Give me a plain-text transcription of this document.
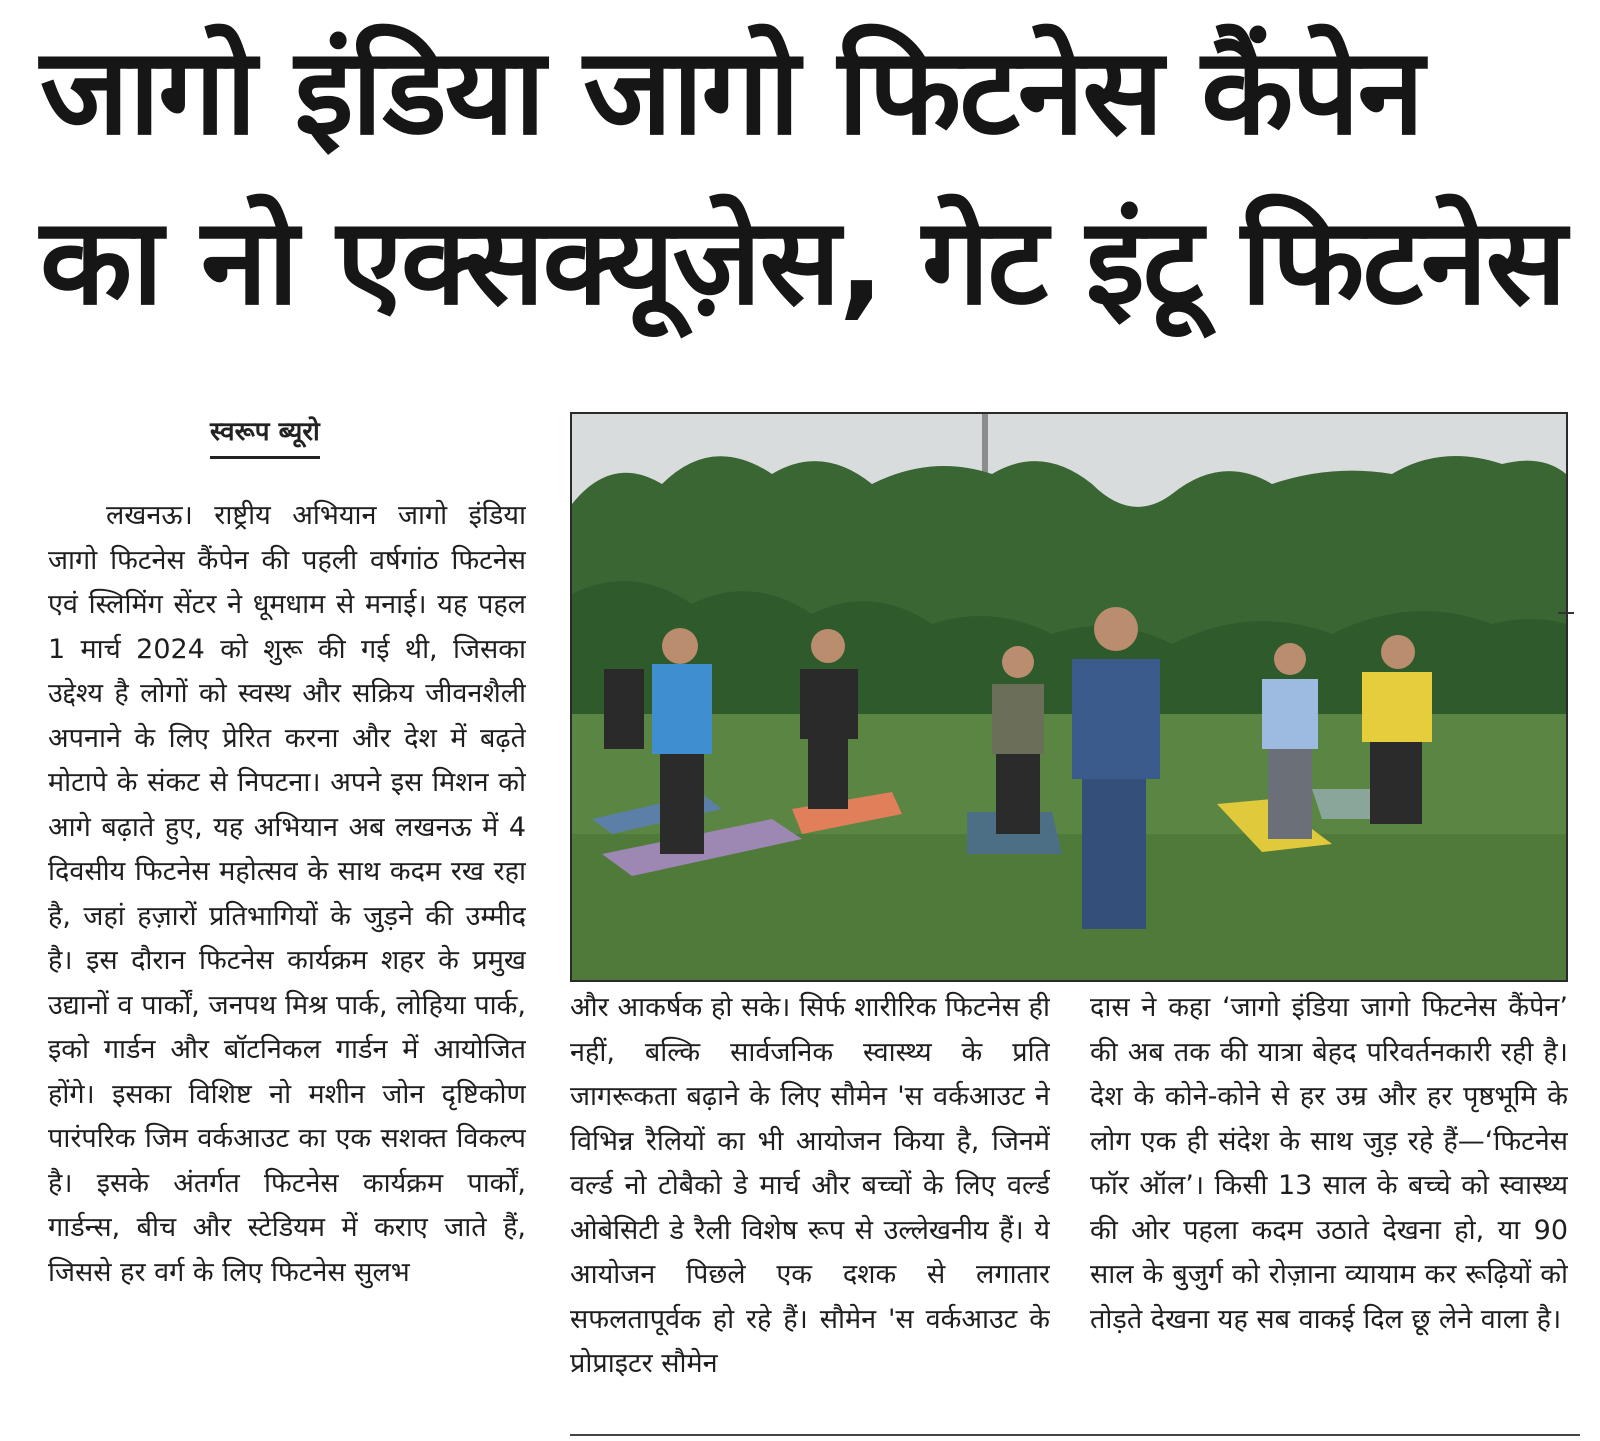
जागो इंडिया जागो फिटनेस कैंपेन
का नो एक्सक्यूज़ेस, गेट इंटू फिटनेस
स्वरूप ब्यूरो
लखनऊ। राष्ट्रीय अभियान जागो इंडिया जागो फिटनेस कैंपेन की पहली वर्षगांठ फिटनेस एवं स्लिमिंग सेंटर ने धूमधाम से मनाई। यह पहल 1 मार्च 2024 को शुरू की गई थी, जिसका उद्देश्य है लोगों को स्वस्थ और सक्रिय जीवनशैली अपनाने के लिए प्रेरित करना और देश में बढ़ते मोटापे के संकट से निपटना। अपने इस मिशन को आगे बढ़ाते हुए, यह अभियान अब लखनऊ में 4 दिवसीय फिटनेस महोत्सव के साथ कदम रख रहा है, जहां हज़ारों प्रतिभागियों के जुड़ने की उम्मीद है। इस दौरान फिटनेस कार्यक्रम शहर के प्रमुख उद्यानों व पार्कों, जनपथ मिश्र पार्क, लोहिया पार्क, इको गार्डन और बॉटनिकल गार्डन में आयोजित होंगे। इसका विशिष्ट नो मशीन जोन दृष्टिकोण पारंपरिक जिम वर्कआउट का एक सशक्त विकल्प है। इसके अंतर्गत फिटनेस कार्यक्रम पार्कों, गार्डन्स, बीच और स्टेडियम में कराए जाते हैं, जिससे हर वर्ग के लिए फिटनेस सुलभ
और आकर्षक हो सके। सिर्फ शारीरिक फिटनेस ही नहीं, बल्कि सार्वजनिक स्वास्थ्य के प्रति जागरूकता बढ़ाने के लिए सौमेन 'स वर्कआउट ने विभिन्न रैलियों का भी आयोजन किया है, जिनमें वर्ल्ड नो टोबैको डे मार्च और बच्चों के लिए वर्ल्ड ओबेसिटी डे रैली विशेष रूप से उल्लेखनीय हैं। ये आयोजन पिछले एक दशक से लगातार सफलतापूर्वक हो रहे हैं। सौमेन 'स वर्कआउट के प्रोप्राइटर सौमेन
दास ने कहा ‘जागो इंडिया जागो फिटनेस कैंपेन’ की अब तक की यात्रा बेहद परिवर्तनकारी रही है। देश के कोने-कोने से हर उम्र और हर पृष्ठभूमि के लोग एक ही संदेश के साथ जुड़ रहे हैं—‘फिटनेस फॉर ऑल’। किसी 13 साल के बच्चे को स्वास्थ्य की ओर पहला कदम उठाते देखना हो, या 90 साल के बुजुर्ग को रोज़ाना व्यायाम कर रूढ़ियों को तोड़ते देखना यह सब वाकई दिल छू लेने वाला है।
